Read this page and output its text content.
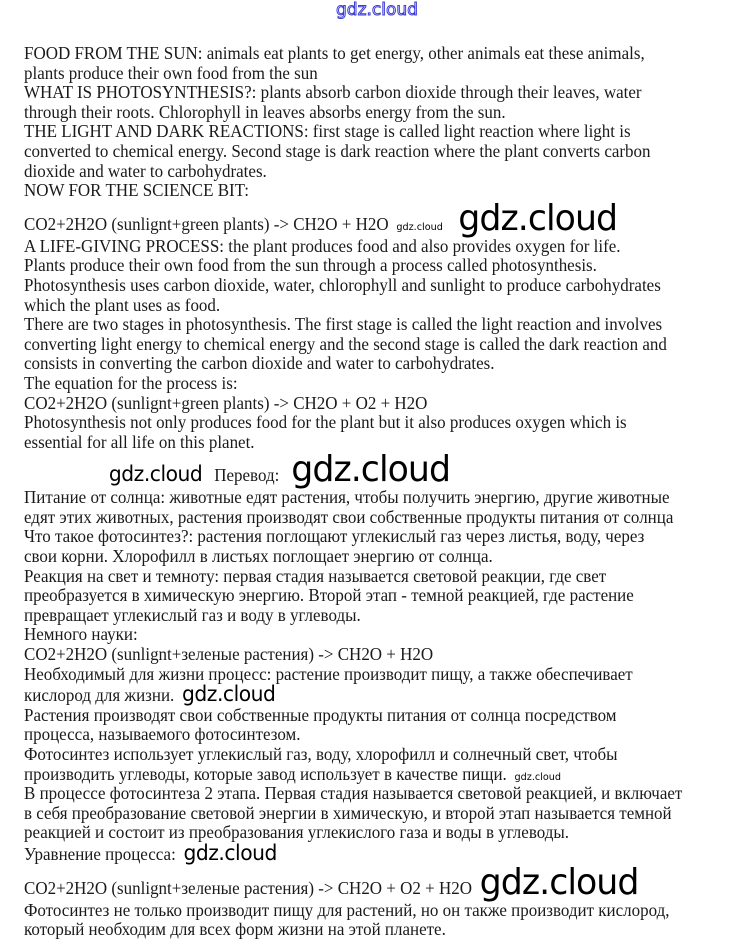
gdz.cloud
FOOD FROM THE SUN: animals eat plants to get energy, other animals eat these animals,
plants produce their own food from the sun
WHAT IS PHOTOSYNTHESIS?: plants absorb carbon dioxide through their leaves, water
through their roots. Chlorophyll in leaves absorbs energy from the sun.
THE LIGHT AND DARK REACTIONS: first stage is called light reaction where light is
converted to chemical energy. Second stage is dark reaction where the plant converts carbon
dioxide and water to carbohydrates.
NOW FOR THE SCIENCE BIT:
CO2+2H2O (sunlignt+green plants) -> CH2O + H2O gdz.cloud gdz.cloud
A LIFE-GIVING PROCESS: the plant produces food and also provides oxygen for life.
Plants produce their own food from the sun through a process called photosynthesis.
Photosynthesis uses carbon dioxide, water, chlorophyll and sunlight to produce carbohydrates
which the plant uses as food.
There are two stages in photosynthesis. The first stage is called the light reaction and involves
converting light energy to chemical energy and the second stage is called the dark reaction and
consists in converting the carbon dioxide and water to carbohydrates.
The equation for the process is:
CO2+2H2O (sunlignt+green plants) -> CH2O + O2 + H2O
Photosynthesis not only produces food for the plant but it also produces oxygen which is
essential for all life on this planet.
gdz.cloud Перевод: gdz.cloud
Питание от солнца: животные едят растения, чтобы получить энергию, другие животные
едят этих животных, растения производят свои собственные продукты питания от солнца
Что такое фотосинтез?: растения поглощают углекислый газ через листья, воду, через
свои корни. Хлорофилл в листьях поглощает энергию от солнца.
Реакция на свет и темноту: первая стадия называется световой реакции, где свет
преобразуется в химическую энергию. Второй этап - темной реакцией, где растение
превращает углекислый газ и воду в углеводы.
Немного науки:
CO2+2H2O (sunlignt+зеленые растения) -> CH2O + H2O
Необходимый для жизни процесс: растение производит пищу, а также обеспечивает
кислород для жизни. gdz.cloud
Растения производят свои собственные продукты питания от солнца посредством
процесса, называемого фотосинтезом.
Фотосинтез использует углекислый газ, воду, хлорофилл и солнечный свет, чтобы
производить углеводы, которые завод использует в качестве пищи. gdz.cloud
В процессе фотосинтеза 2 этапа. Первая стадия называется световой реакцией, и включает
в себя преобразование световой энергии в химическую, и второй этап называется темной
реакцией и состоит из преобразования углекислого газа и воды в углеводы.
Уравнение процесса: gdz.cloud
CO2+2H2O (sunlignt+зеленые растения) -> CH2O + O2 + H2O gdz.cloud
Фотосинтез не только производит пищу для растений, но он также производит кислород,
который необходим для всех форм жизни на этой планете.
